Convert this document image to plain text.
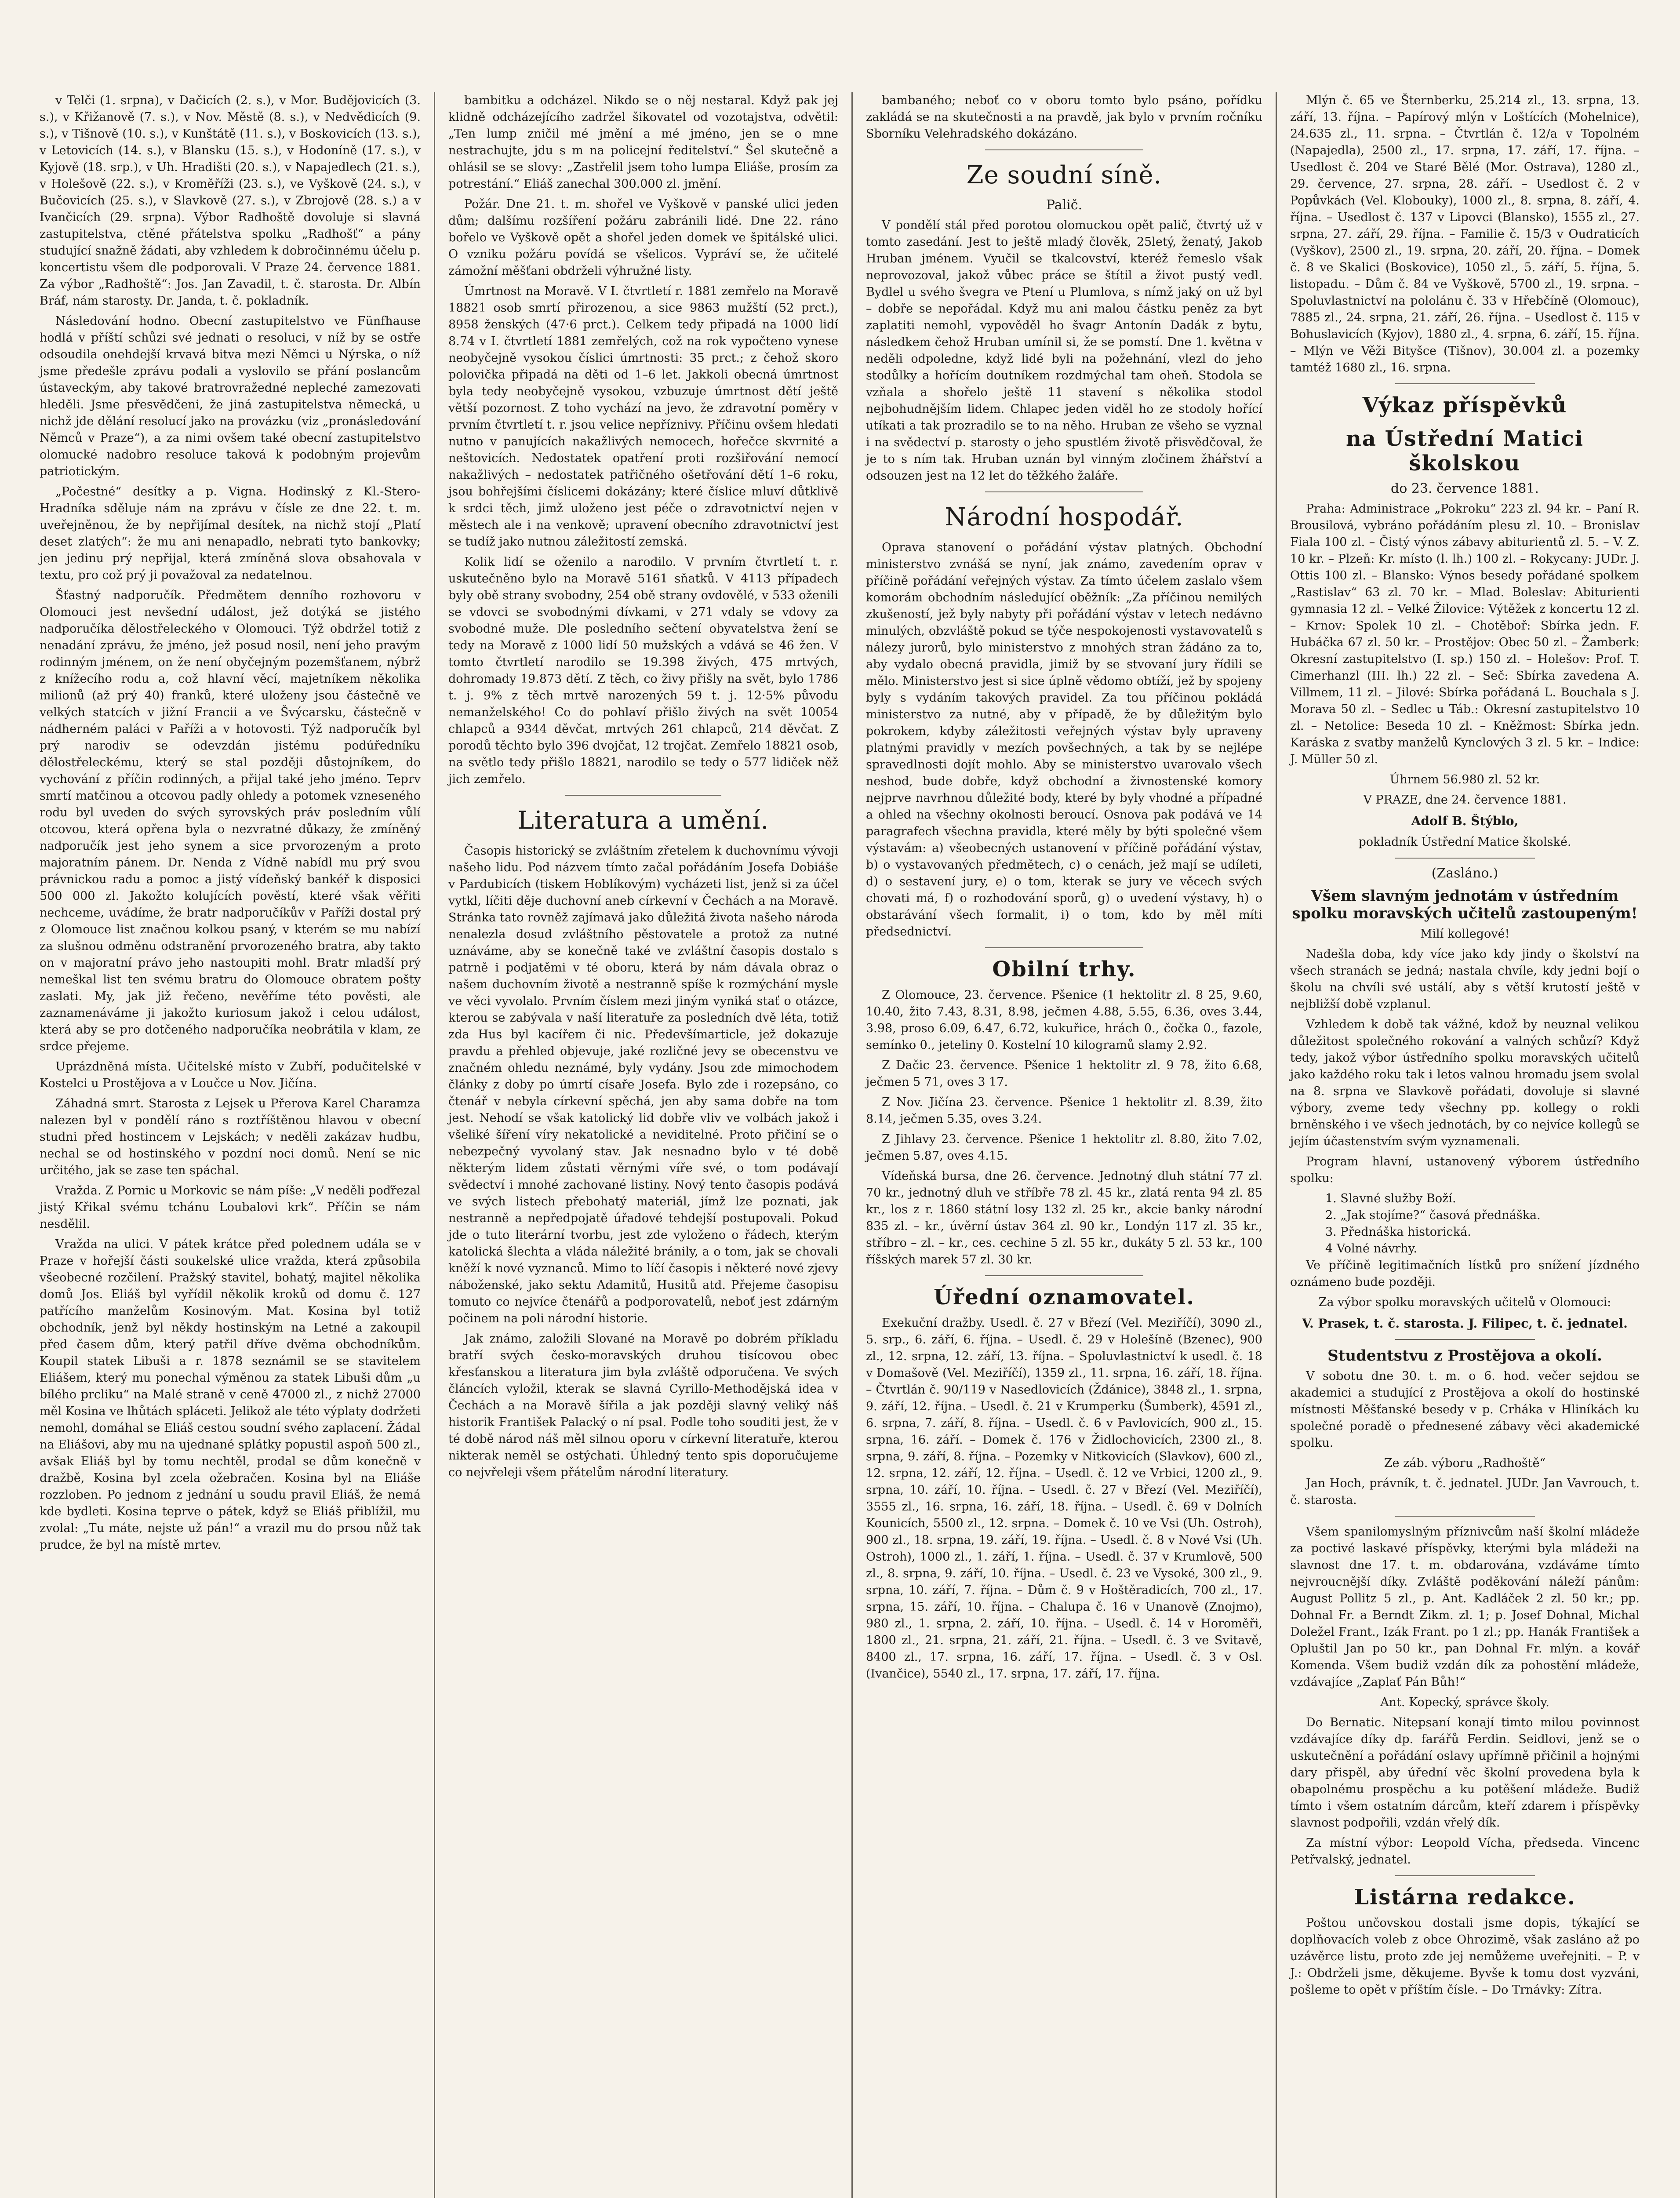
v Telči (1. srpna), v Dačicích (2. s.), v Mor. Budějovicích (3. s.), v Křižanově (7. s.), v Nov. Městě (8. s.), v Nedvědicích (9. s.), v Tišnově (10. s.), v Kunštátě (11. s.), v Boskovicích (13. s.), v Letovicích (14. s.), v Blansku (15. s.), v Hodoníně (17. s.), v Kyjově (18. srp.), v Uh. Hradišti (20. s.), v Napajedlech (21. s.), v Holešově (22. s.), v Kroměříži (23. s.), ve Vyškově (24. s.), v Bučovicích (25. s.), v Slavkově (27. s.), v Zbrojově (28. s.) a v Ivančicích (29. srpna). Výbor Radhoště dovoluje si slavná zastupitelstva, ctěné přátelstva spolku „Radhošť“ a pány studující snažně žádati, aby vzhledem k dobročinnému účelu p. koncertistu všem dle podporovali. V Praze 24. července 1881. Za výbor „Radhoště“: Jos. Jan Zavadil, t. č. starosta. Dr. Albín Bráf, nám starosty. Dr. Janda, t. č. pokladník.

Následování hodno. Obecní zastupitelstvo ve Fünfhause hodlá v příští schůzi své jednati o resoluci, v níž by se ostře odsoudila onehdejší krvavá bitva mezi Němci u Nýrska, o níž jsme předešle zprávu podali a vyslovilo se přání poslancům ústaveckým, aby takové bratrovražedné nepleché zamezovati hleděli. Jsme přesvědčeni, že jiná zastupitelstva německá, u nichž jde dělání resolucí jako na provázku (viz „pronásledování Němců v Praze“), a za nimi ovšem také obecní zastupitelstvo olomucké nadobro resoluce taková k podobným projevům patriotickým.

„Počestné“ desítky a p. Vigna. Hodinský z Kl.-Stero-Hradníka sděluje nám na zprávu v čísle ze dne 22. t. m. uveřejněnou, že by nepřijímal desítek, na nichž stojí „Platí deset zlatých“: že mu ani nenapadlo, nebrati tyto bankovky; jen jedinu prý nepřijal, která zmíněná slova obsahovala v textu, pro což prý ji považoval za nedatelnou.

Šťastný nadporučík. Předmětem denního rozhovoru v Olomouci jest nevšední událost, jež dotýká se jistého nadporučíka dělostřeleckého v Olomouci. Týž obdržel totiž z nenadání zprávu, že jméno, jež posud nosil, není jeho pravým rodinným jménem, on že není obyčejným pozemšťanem, nýbrž z knížecího rodu a, což hlavní věcí, majetníkem několika milionů (až prý 40) franků, které uloženy jsou částečně ve velkých statcích v jižní Francii a ve Švýcarsku, částečně v nádherném paláci v Paříži a v hotovosti. Týž nadporučík byl prý narodiv se odevzdán jistému podúředníku dělostřeleckému, který se stal později důstojníkem, do vychování z příčin rodinných, a přijal také jeho jméno. Teprv smrtí matčinou a otcovou padly ohledy a potomek vzneseného rodu byl uveden do svých syrovských práv posledním vůlí otcovou, která opřena byla o nezvratné důkazy, že zmíněný nadporučík jest jeho synem a sice prvorozeným a proto majoratním pánem. Dr. Nenda z Vídně nabídl mu prý svou právnickou radu a pomoc a jistý vídeňský bankéř k disposici 500 000 zl. Jakožto kolujících pověstí, které však věřiti nechceme, uvádíme, že bratr nadporučíkův v Paříži dostal prý z Olomouce list značnou kolkou psaný, v kterém se mu nabízí za slušnou odměnu odstranění prvorozeného bratra, aby takto on v majoratní právo jeho nastoupiti mohl. Bratr mladší prý nemeškal list ten svému bratru do Olomouce obratem pošty zaslati. My, jak již řečeno, nevěříme této pověsti, ale zaznamenáváme ji jakožto kuriosum jakož i celou událost, která aby se pro dotčeného nadporučíka neobrátila v klam, ze srdce přejeme.

Uprázdněná místa. Učitelské místo v Zubří, podučitelské v Kostelci u Prostějova a v Loučce u Nov. Jičína.

Záhadná smrt. Starosta z Lejsek u Přerova Karel Charamza nalezen byl v pondělí ráno s roztříštěnou hlavou v obecní studni před hostincem v Lejskách; v neděli zakázav hudbu, nechal se od hostinského v pozdní noci domů. Není se nic určitého, jak se zase ten spáchal.

Vražda. Z Pornic u Morkovic se nám píše: „V neděli poďřezal jistý Křikal svému tchánu Loubalovi krk“. Příčin se nám nesdělil.

Vražda na ulici. V pátek krátce před polednem udála se v Praze v hořejší části soukelské ulice vražda, která způsobila všeobecné rozčilení. Pražský stavitel, bohatý, majitel několika domů Jos. Eliáš byl vyřídil několik kroků od domu č. 127 patřícího manželům Kosinovým. Mat. Kosina byl totiž obchodník, jenž byl někdy hostinským na Letné a zakoupil před časem dům, který patřil dříve dvěma obchodníkům. Koupil statek Libuši a r. 1878 seznámil se se stavitelem Eliášem, který mu ponechal výměnou za statek Libuši dům „u bílého prcliku“ na Malé straně v ceně 47000 zl., z nichž 27000 měl Kosina ve lhůtách spláceti. Jelikož ale této výplaty dodržeti nemohl, domáhal se Eliáš cestou soudní svého zaplacení. Žádal na Eliášovi, aby mu na ujednané splátky popustil aspoň 500 zl., avšak Eliáš byl by tomu nechtěl, prodal se dům konečně v dražbě, Kosina byl zcela ožebračen. Kosina byl na Eliáše rozzloben. Po jednom z jednání u soudu pravil Eliáš, že nemá kde bydleti. Kosina teprve o pátek, když se Eliáš přiblížil, mu zvolal: „Tu máte, nejste už pán!“ a vrazil mu do prsou nůž tak prudce, že byl na místě mrtev.

bambitku a odcházel. Nikdo se o něj nestaral. Když pak jej klidně odcházejícího zadržel šikovatel od vozotajstva, odvětil: „Ten lump zničil mé jmění a mé jméno, jen se o mne nestrachujte, jdu s m na policejní ředitelství.“ Šel skutečně a ohlásil se se slovy: „Zastřelil jsem toho lumpa Eliáše, prosím za potrestání.“ Eliáš zanechal 300.000 zl. jmění.

Požár. Dne 21. t. m. shořel ve Vyškově v panské ulici jeden dům; dalšímu rozšíření požáru zabránili lidé. Dne 22. ráno bořelo ve Vyškově opět a shořel jeden domek ve špitálské ulici. O vzniku požáru povídá se všelicos. Vypráví se, že učitelé zámožní měšťani obdrželi výhružné listy.

Úmrtnost na Moravě. V I. čtvrtletí r. 1881 zemřelo na Moravě 18821 osob smrtí přirozenou, a sice 9863 mužští (52 prct.), 8958 ženských (47·6 prct.). Celkem tedy připadá na 1000 lidí 8.74 v I. čtvrtletí 1881 zemřelých, což na rok vypočteno vynese neobyčejně vysokou číslici úmrtnosti: 35 prct.; z čehož skoro polovička připadá na děti od 1–6 let. Jakkoli obecná úmrtnost byla tedy neobyčejně vysokou, vzbuzuje úmrtnost dětí ještě větší pozornost. Z toho vychází na jevo, že zdravotní poměry v prvním čtvrtletí t. r. jsou velice nepříznivy. Příčinu ovšem hledati nutno v panujících nakažlivých nemocech, hořečce skvrnité a neštovicích. Nedostatek opatření proti rozšiřování nemocí nakažlivých – nedostatek patřičného ošetřování dětí 1–6 roku, jsou bohřejšími číslicemi dokázány; které číslice mluví důtklivě k srdci těch, jimž uloženo jest péče o zdravotnictví nejen v městech ale i na venkově; upravení obecního zdravotnictví jest se tudíž jako nutnou záležitostí zemská.

Kolik lidí se oženilo a narodilo. V prvním čtvrtletí t. r. uskutečněno bylo na Moravě 5161 sňatků. V 4113 případech byly obě strany svobodny, 254 obě strany ovdovělé, v 533 oženili se vdovci se svobodnými dívkami, v 271 vdaly se vdovy za svobodné muže. Dle posledního sečtení obyvatelstva žení se tedy na Moravě z 1000 lidí 50 mužských a vdává se 46 žen. V tomto čtvrtletí narodilo se 19.398 živých, 475 mrtvých, dohromady 19.873 dětí. Z těch, co živy přišly na svět, bylo 1786 t. j. 9% z těch mrtvě narozených 59 t. j. 12·5% původu nemanželského! Co do pohlaví přišlo živých na svět 10054 chlapců a 9344 děvčat, mrtvých 261 chlapců, 214 děvčat. Z porodů těchto bylo 396 dvojčat, 12 trojčat. Zemřelo 18821 osob, na světlo tedy přišlo 18821, narodilo se tedy o 577 lidiček něž jich zemřelo.

Literatura a umění.

Časopis historický se zvláštním zřetelem k duchovnímu vývoji našeho lidu. Pod názvem tímto začal pořádáním Josefa Dobiáše v Pardubicích (tiskem Hoblíkovým) vycházeti list, jenž si za účel vytkl, líčiti děje duchovní aneb církevní v Čechách a na Moravě. Stránka tato rovněž zajímavá jako důležitá života našeho národa nenalezla dosud zvláštního pěstovatele a protož za nutné uznáváme, aby se konečně také ve zvláštní časopis dostalo s patrně i podjatěmi v té oboru, která by nám dávala obraz o našem duchovním životě a nestranně spíše k rozmýchání mysle ve věci vyvolalo. Prvním číslem mezi jiným vyniká stať o otázce, kterou se zabývala v naší literatuře za posledních dvě léta, totiž zda Hus byl kacířem či nic. Předevšímarticle, jež dokazuje pravdu a přehled objevuje, jaké rozličné jevy se obecenstvu ve značném ohledu neznámé, byly vydány. Jsou zde mimochodem články z doby po úmrtí císaře Josefa. Bylo zde i rozepsáno, co čtenář v nebyla církevní spěchá, jen aby sama dobře na tom jest. Nehodí se však katolický lid dobře vliv ve volbách jakož i všeliké šíření víry nekatolické a neviditelné. Proto přičiní se o nebezpečný vyvolaný stav. Jak nesnadno bylo v té době některým lidem zůstati věrnými víře své, o tom podávají svědectví i mnohé zachované listiny. Nový tento časopis podává ve svých listech přebohatý materiál, jímž lze poznati, jak nestranně a nepředpojatě úřadové tehdejší postupovali. Pokud jde o tuto literární tvorbu, jest zde vyloženo o řádech, kterým katolická šlechta a vláda náležité bránily, a o tom, jak se chovali kněží k nové vyznanců. Mimo to líčí časopis i některé nové zjevy náboženské, jako sektu Adamitů, Husitů atd. Přejeme časopisu tomuto co nejvíce čtenářů a podporovatelů, neboť jest zdárným počinem na poli národní historie.

Jak známo, založili Slované na Moravě po dobrém příkladu bratří svých česko-moravských druhou tisícovou obec křesťanskou a literatura jim byla zvláště odporučena. Ve svých článcích vyložil, kterak se slavná Cyrillo-Methodějská idea v Čechách a na Moravě šířila a jak později slavný veliký náš historik František Palacký o ní psal. Podle toho souditi jest, že v té době národ náš měl silnou oporu v církevní literatuře, kterou nikterak neměl se ostýchati. Úhledný tento spis doporučujeme co nejvřeleji všem přátelům národní literatury.

bambaného; neboť co v oboru tomto bylo psáno, pořídku zakládá se na skutečnosti a na pravdě, jak bylo v prvním ročníku Sborníku Velehradského dokázáno.

Ze soudní síně.
Palič.

V pondělí stál před porotou olomuckou opět palič, čtvrtý už v tomto zasedání. Jest to ještě mladý člověk, 25letý, ženatý, Jakob Hruban jménem. Vyučil se tkalcovství, kteréž řemeslo však neprovozoval, jakož vůbec práce se štítil a život pustý vedl. Bydlel u svého švegra ve Ptení u Plumlova, s nímž jaký on už byl – dobře se nepořádal. Když mu ani malou částku peněz za byt zaplatiti nemohl, vypověděl ho švagr Antonín Dadák z bytu, následkem čehož Hruban umínil si, že se pomstí. Dne 1. května v neděli odpoledne, když lidé byli na požehnání, vlezl do jeho stodůlky a hořícím doutníkem rozdmýchal tam oheň. Stodola se vzňala a shořelo ještě 11 stavení s několika stodol nejbohudnějším lidem. Chlapec jeden viděl ho ze stodoly hořící utíkati a tak prozradilo se to na něho. Hruban ze všeho se vyznal i na svědectví p. starosty o jeho spustlém životě přisvědčoval, že je to s ním tak. Hruban uznán byl vinným zločinem žhářství a odsouzen jest na 12 let do těžkého žaláře.

Národní hospodář.

Oprava stanovení o pořádání výstav platných. Obchodní ministerstvo zvnášá se nyní, jak známo, zavedením oprav v příčině pořádání veřejných výstav. Za tímto účelem zaslalo všem komorám obchodním následující oběžník: „Za příčinou nemilých zkušeností, jež byly nabyty při pořádání výstav v letech nedávno minulých, obzvláště pokud se týče nespokojenosti vystavovatelů s nálezy jurorů, bylo ministerstvo z mnohých stran žádáno za to, aby vydalo obecná pravidla, jimiž by se stvovaní jury řídili se mělo. Ministerstvo jest si sice úplně vědomo obtíží, jež by spojeny byly s vydáním takových pravidel. Za tou příčinou pokládá ministerstvo za nutné, aby v případě, že by důležitým bylo pokrokem, kdyby záležitosti veřejných výstav byly upraveny platnými pravidly v mezích povšechných, a tak by se nejlépe spravedlnosti dojít mohlo. Aby se ministerstvo uvarovalo všech neshod, bude dobře, když obchodní a živnostenské komory nejprve navrhnou důležité body, které by byly vhodné a případné a ohled na všechny okolnosti beroucí. Osnova pak podává ve 14 paragrafech všechna pravidla, které měly by býti společné všem výstavám: a) všeobecných ustanovení v příčině pořádání výstav, b) o vystavovaných předmětech, c) o cenách, jež mají se udíleti, d) o sestavení jury, e) o tom, kterak se jury ve věcech svých chovati má, f) o rozhodování sporů, g) o uvedení výstavy, h) o obstarávání všech formalit, i) o tom, kdo by měl míti předsednictví.

Obilní trhy.

Z Olomouce, 23. července. Pšenice (1 hektolitr zl. 8 25, 9.60, 10.40, žito 7.43, 8.31, 8.98, ječmen 4.88, 5.55, 6.36, oves 3.44, 3.98, proso 6.09, 6.47, 6.72, kukuřice, hrách 0., čočka 0., fazole, semínko 0., jeteliny 0. Kostelní 10 kilogramů slamy 2.92.

Z Dačic 23. července. Pšenice 1 hektolitr zl. 9 78, žito 6.68, ječmen 5 71, oves 3 17.

Z Nov. Jičína 23. července. Pšenice 1 hektolitr zl. 8.39, žito 8.14, ječmen 5.35, oves 3.24.

Z Jihlavy 23. července. Pšenice 1 hektolitr zl. 8.80, žito 7.02, ječmen 5.87, oves 4.15.

Vídeňská bursa, dne 26. července. Jednotný dluh státní 77 zl. 70 kr., jednotný dluh ve stříbře 78 zl. 45 kr., zlatá renta 94 zl. 85 kr., los z r. 1860 státní losy 132 zl. 25 kr., akcie banky národní 835 zl. – kr., úvěrní ústav 364 zl. 90 kr., Londýn 117 zl. 35 kr., stříbro – zl. – kr., ces. cechine 5 zl. 55 kr., dukáty 5 zl. 53 kr., 100 říšských marek 57 zl. 30 kr.

Úřední oznamovatel.

Exekuční dražby. Usedl. č. 27 v Březí (Vel. Meziříčí), 3090 zl., 5. srp., 6. září, 6. října. – Usedl. č. 29 v Holešíně (Bzenec), 900 zl., 12. srpna, 12. září, 13. října. – Spoluvlastnictví k usedl. č. 18 v Domašově (Vel. Meziříčí), 1359 zl., 11. srpna, 16. září, 18. října. – Čtvrtlán č. 90/119 v Nasedlovicích (Ždánice), 3848 zl., 1. srpna, 9. září, 12. října. – Usedl. č. 21 v Krumperku (Šumberk), 4591 zl., 6. srpna, 7. září, 8. října. – Usedl. č. 6 v Pavlovicích, 900 zl., 15. srpna, 16. září. – Domek č. 176 v Židlochovicích, 2300 zl., 8. srpna, 9. září, 8. října. – Pozemky v Nitkovicích (Slavkov), 600 zl., 12. srpna, 12. září, 12. října. – Usedl. č. 12 ve Vrbici, 1200 zl., 9. srpna, 10. září, 10. října. – Usedl. č. 27 v Březí (Vel. Meziříčí), 3555 zl., 16. srpna, 16. září, 18. října. – Usedl. č. 69 v Dolních Kounicích, 5500 zl., 12. srpna. – Domek č. 10 ve Vsi (Uh. Ostroh), 900 zl., 18. srpna, 19. září, 19. října. – Usedl. č. 8 v Nové Vsi (Uh. Ostroh), 1000 zl., 1. září, 1. října. – Usedl. č. 37 v Krumlově, 500 zl., 8. srpna, 9. září, 10. října. – Usedl. č. 23 ve Vysoké, 300 zl., 9. srpna, 10. září, 7. října. – Dům č. 9 v Hoštěradicích, 700 zl., 17. srpna, 15. září, 10. října. – Chalupa č. 16 v Unanově (Znojmo), 980 zl., 1. srpna, 2. září, 10. října. – Usedl. č. 14 v Horoměři, 1800 zl., 21. srpna, 21. září, 21. října. – Usedl. č. 3 ve Svitavě, 8400 zl., 17. srpna, 16. září, 17. října. – Usedl. č. 3 v Osl. (Ivančice), 5540 zl., 17. srpna, 17. září, 17. října.

Mlýn č. 65 ve Šternberku, 25.214 zl., 13. srpna, 13. září, 13. října. – Papírový mlýn v Loštících (Mohelnice), 24.635 zl., 11. srpna. – Čtvrtlán č. 12/a v Topolném (Napajedla), 2500 zl., 17. srpna, 17. září, 17. října. – Usedlost č. 204 ve Staré Bělé (Mor. Ostrava), 1280 zl., 29. července, 27. srpna, 28. září. – Usedlost č. 2 v Popůvkách (Vel. Klobouky), 1000 zl., 8. srpna, 8. září, 4. října. – Usedlost č. 137 v Lipovci (Blansko), 1555 zl., 27. srpna, 27. září, 29. října. – Familie č. 15/3 v Oudraticích (Vyškov), 2500 zl., 19. srpna, 20. září, 20. října. – Domek č. 8 ve Skalici (Boskovice), 1050 zl., 5. září, 5. října, 5. listopadu. – Dům č. 84 ve Vyškově, 5700 zl., 19. srpna. – Spoluvlastnictví na pololánu č. 33 v Hřebčíně (Olomouc), 7885 zl., 24. srpna, 21. září, 26. října. – Usedlost č. 115 v Bohuslavicích (Kyjov), 1880 zl., 4. srpna, 6. září, 15. října. – Mlýn ve Věži Bityšce (Tišnov), 30.004 zl. a pozemky tamtéž 1680 zl., 16. srpna.

Výkaz příspěvků
na Ústřední Matici školskou
do 23. července 1881.

Praha: Administrace „Pokroku“ 223 zl. 94 kr. – Paní R. Brousilová, vybráno pořádáním plesu zl. 10. – Bronislav Fiala 100 zl. – Čistý výnos zábavy abiturientů zl. 5. – V. Z. 10 kr. – Plzeň: Kr. místo (l. lh.) 100 zl. – Rokycany: JUDr. J. Ottis 100 zl. – Blansko: Výnos besedy pořádané spolkem „Rastislav“ 63 zl. 70 kr. – Mlad. Boleslav: Abiturienti gymnasia 12 zl. – Velké Žilovice: Výtěžek z koncertu 12 zl. – Krnov: Spolek 10 zl. – Chotěboř: Sbírka jedn. F. Hubáčka 67 zl. 50 kr. – Prostějov: Obec 50 zl. – Žamberk: Okresní zastupitelstvo (I. sp.) 150 zl. – Holešov: Prof. T. Cimerhanzl (III. lh.) 22 zl. – Seč: Sbírka zavedena A. Villmem, 11 zl. – Jilové: Sbírka pořádaná L. Bouchala s J. Morava 50 zl. – Sedlec u Táb.: Okresní zastupitelstvo 10 zl. – Netolice: Beseda 10 zl. – Kněžmost: Sbírka jedn. Karáska z svatby manželů Kynclových 3 zl. 5 kr. – Indice: J. Müller 50 zl.

Úhrnem 56.980 zl. 52 kr.

V PRAZE, dne 24. července 1881.

Adolf B. Štýblo,

pokladník Ústřední Matice školské.

(Zasláno.)
Všem slavným jednotám v ústředním spolku moravských učitelů zastoupeným!

Milí kollegové!

Nadešla doba, kdy více jako kdy jindy o školství na všech stranách se jedná; nastala chvíle, kdy jedni bojí o školu na chvíli své ustálí, aby s větší krutostí ještě v nejbližší době vzplanul.

Vzhledem k době tak vážné, kdož by neuznal velikou důležitost společného rokování a valných schůzí? Když tedy, jakož výbor ústředního spolku moravských učitelů jako každého roku tak i letos valnou hromadu jsem svolal na 8. srpna ve Slavkově pořádati, dovoluje si slavné výbory, zveme tedy všechny pp. kollegy o rokli brněnského i ve všech jednotách, by co nejvíce kollegů se jejím účastenstvím svým vyznamenali.

Program hlavní, ustanovený výborem ústředního spolku:

1. Slavné služby Boží.

2. „Jak stojíme?“ časová přednáška.

3. Přednáška historická.

4 Volné návrhy.

Ve příčině legitimačních lístků pro snížení jízdného oznámeno bude později.

Za výbor spolku moravských učitelů v Olomouci:

V. Prasek, t. č. starosta. J. Filipec, t. č. jednatel.

Studentstvu z Prostějova a okolí.

V sobotu dne 30. t. m. o 6. hod. večer sejdou se akademici a studující z Prostějova a okolí do hostinské místnosti Měšťanské besedy v p. Crháka v Hliníkách ku společné poradě o přednesené zábavy věci akademické spolku.

Ze záb. výboru „Radhoště“

Jan Hoch, právník, t. č. jednatel. JUDr. Jan Vavrouch, t. č. starosta.

Všem spanilomyslným příznivcům naší školní mládeže za poctivé laskavé příspěvky, kterými byla mládeži na slavnost dne 17. t. m. obdarována, vzdáváme tímto nejvroucnější díky. Zvláště poděkování náleží pánům: August Pollitz 5 zl., p. Ant. Kadláček 2 zl. 50 kr.; pp. Dohnal Fr. a Berndt Zikm. zl. 1; p. Josef Dohnal, Michal Doležel Frant., Izák Frant. po 1 zl.; pp. Hanák František a Opluštil Jan po 50 kr., pan Dohnal Fr. mlýn. a kovář Komenda. Všem budiž vzdán dík za pohostění mládeže, vzdávajíce „Zaplať Pán Bůh!“

Ant. Kopecký, správce školy.

Do Bernatic. Nitepsaní konají timto milou povinnost vzdávajíce díky dp. farářů Ferdin. Seidlovi, jenž se o uskutečnění a pořádání oslavy upřímně přičinil a hojnými dary přispěl, aby úřední věc školní provedena byla k obapolnému prospěchu a ku potěšení mládeže. Budiž tímto i všem ostatním dárcům, kteří zdarem i příspěvky slavnost podpořili, vzdán vřelý dík.

Za místní výbor: Leopold Vícha, předseda. Vincenc Petřvalský, jednatel.

Listárna redakce.

Poštou unčovskou dostali jsme dopis, týkající se doplňovacích voleb z obce Ohrozimě, však zasláno až po uzávěrce listu, proto zde jej nemůžeme uveřejniti. – P. v J.: Obdrželi jsme, děkujeme. Byvše k tomu dost vyzváni, pošleme to opět v příštím čísle. – Do Trnávky: Zítra.
